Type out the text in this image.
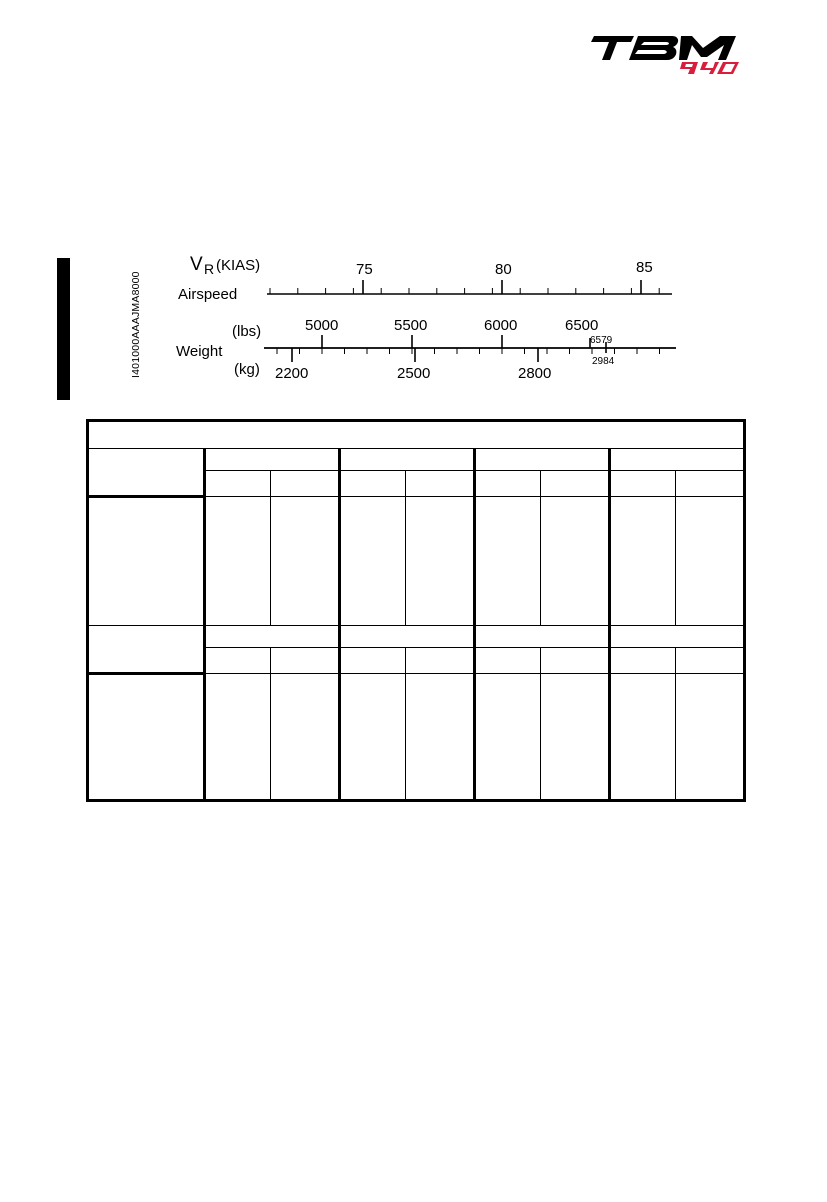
I401000AAAJMA8000
V R (KIAS)
Airspeed
75	80	85
(lbs)
Weight
(kg)
5000	5500	6000	6500
6579
2200	2500	2800
2984
